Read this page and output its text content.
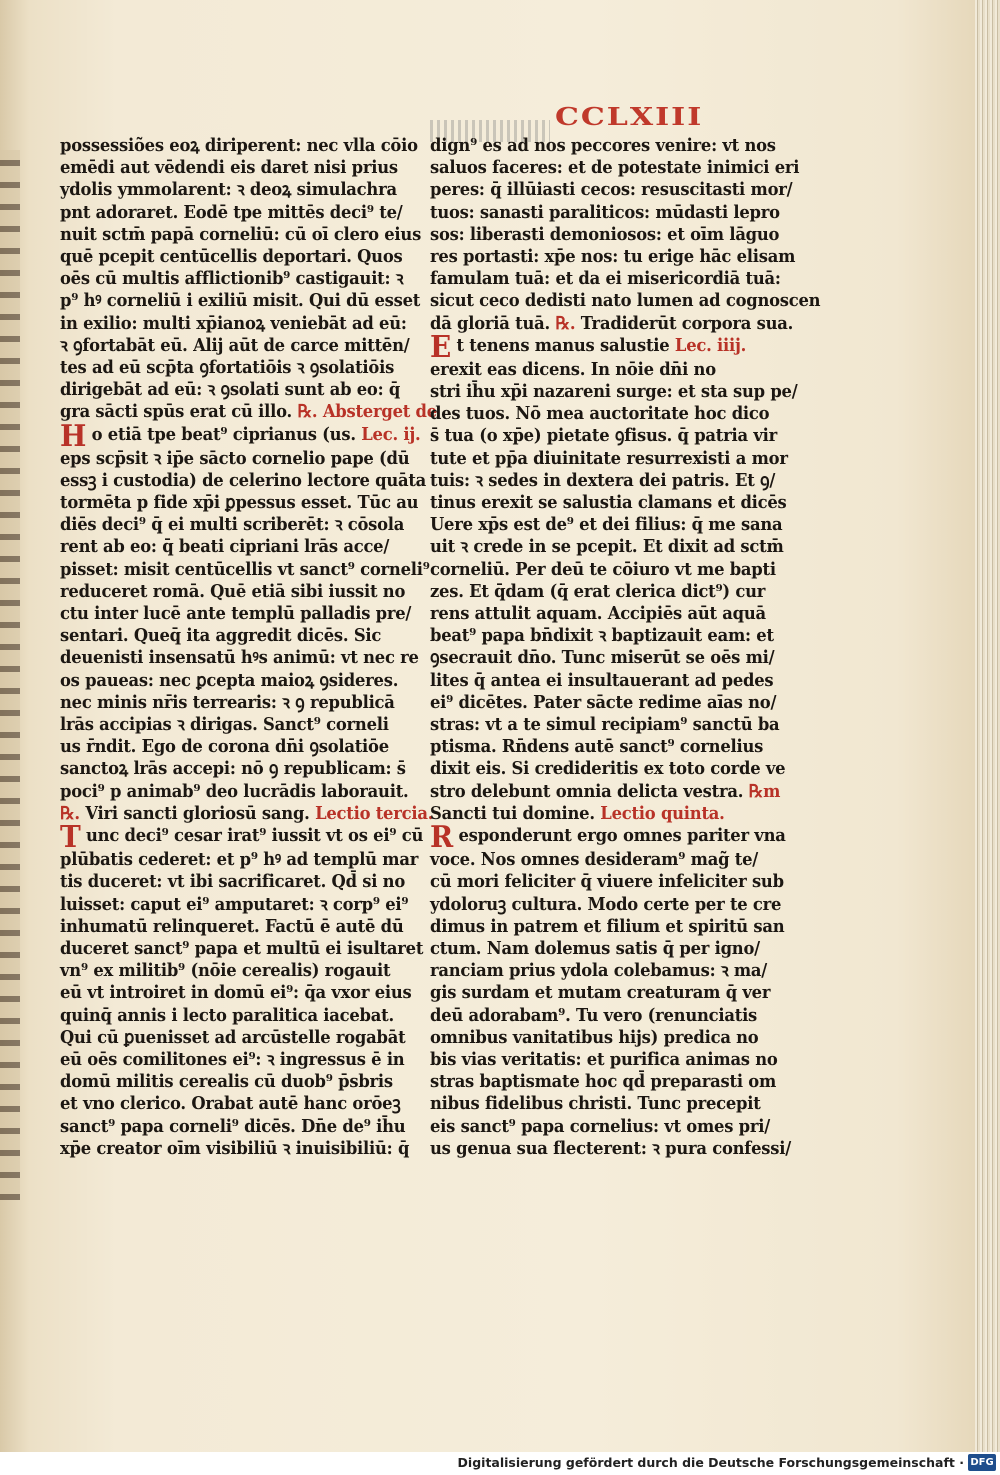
CCLXIII
possessiões eoꝝ diriperent: nec vlla cōio
emēdi aut vēdendi eis daret nisi prius
ydolis ymmolarent: ꝛ deoꝝ simulachra
pnt adoraret. Eodē tpe mittēs deci⁹ te/
nuit sctm̄ papā corneliū: cū oī clero eius
quē pcepit centūcellis deportari. Quos
oēs cū multis afflictionib⁹ castigauit: ꝛ
p⁹ hꝰ corneliū i exiliū misit. Qui dū esset
in exilio: multi xp̄ianoꝝ veniebāt ad eū:
ꝛ ꝯfortabāt eū. Alij aūt de carce mittēn/
tes ad eū scp̄ta ꝯfortatiōis ꝛ ꝯsolatiōis
dirigebāt ad eū: ꝛ ꝯsolati sunt ab eo: q̄
gra sācti spūs erat cū illo. ℞. Absterget de
H o etiā tpe beat⁹ ciprianus (us. Lec. ij.
eps scp̄sit ꝛ ip̄e sācto cornelio pape (dū
essꝫ i custodia) de celerino lectore quāta
tormēta p fide xp̄i ꝑpessus esset. Tūc au
diēs deci⁹ q̄ ei multi scriberēt: ꝛ cōsola
rent ab eo: q̄ beati cipriani lrās acce/
pisset: misit centūcellis vt sanct⁹ corneli⁹
reduceret romā. Quē etiā sibi iussit no
ctu inter lucē ante templū palladis pre/
sentari. Queq̄ ita aggredit dicēs. Sic
deuenisti insensatū hꝰs animū: vt nec re
os paueas: nec ꝑcepta maioꝝ ꝯsideres.
nec minis nr̄is terrearis: ꝛ ꝯ republicā
lrās accipias ꝛ dirigas. Sanct⁹ corneli
us r̄ndit. Ego de corona dn̄i ꝯsolatiōe
sanctoꝝ lrās accepi: nō ꝯ republicam: s̄
poci⁹ p animab⁹ deo lucrādis laborauit.
℞. Viri sancti gloriosū sang. Lectio tercia.
T unc deci⁹ cesar irat⁹ iussit vt os ei⁹ cū
plūbatis cederet: et p⁹ hꝰ ad templū mar
tis duceret: vt ibi sacrificaret. Qd̄ si no
luisset: caput ei⁹ amputaret: ꝛ corp⁹ ei⁹
inhumatū relinqueret. Factū ē autē dū
duceret sanct⁹ papa et multū ei isultaret
vn⁹ ex militib⁹ (nōie cerealis) rogauit
eū vt introiret in domū ei⁹: q̄a vxor eius
quinq̄ annis i lecto paralitica iacebat.
Qui cū ꝑuenisset ad arcūstelle rogabāt
eū oēs comilitones ei⁹: ꝛ ingressus ē in
domū militis cerealis cū duob⁹ p̄sbris
et vno clerico. Orabat autē hanc orōeꝫ
sanct⁹ papa corneli⁹ dicēs. Dn̄e de⁹ ih̄u
xp̄e creator oīm visibiliū ꝛ inuisibiliū: q̄
dign⁹ es ad nos peccores venire: vt nos
saluos faceres: et de potestate inimici eri
peres: q̄ illūiasti cecos: resuscitasti mor/
tuos: sanasti paraliticos: mūdasti lepro
sos: liberasti demoniosos: et oīm lāguo
res portasti: xp̄e nos: tu erige hāc elisam
famulam tuā: et da ei misericordiā tuā:
sicut ceco dedisti nato lumen ad cognoscen
dā gloriā tuā. ℞. Tradiderūt corpora sua.
E t tenens manus salustie Lec. iiij.
erexit eas dicens. In nōie dn̄i no
stri ih̄u xp̄i nazareni surge: et sta sup pe/
des tuos. Nō mea auctoritate hoc dico
s̄ tua (o xp̄e) pietate ꝯfisus. q̄ patria vir
tute et pp̄a diuinitate resurrexisti a mor
tuis: ꝛ sedes in dextera dei patris. Et ꝯ/
tinus erexit se salustia clamans et dicēs
Uere xp̄s est de⁹ et dei filius: q̄ me sana
uit ꝛ crede in se pcepit. Et dixit ad sctm̄
corneliū. Per deū te cōiuro vt me bapti
zes. Et q̄dam (q̄ erat clerica dict⁹) cur
rens attulit aquam. Accipiēs aūt aquā
beat⁹ papa bn̄dixit ꝛ baptizauit eam: et
ꝯsecrauit dn̄o. Tunc miserūt se oēs mi/
lites q̄ antea ei insultauerant ad pedes
ei⁹ dicētes. Pater sācte redime aīas no/
stras: vt a te simul recipiam⁹ sanctū ba
ptisma. Rn̄dens autē sanct⁹ cornelius
dixit eis. Si credideritis ex toto corde ve
stro delebunt omnia delicta vestra. ℞m
Sancti tui domine. Lectio quinta.
R esponderunt ergo omnes pariter vna
voce. Nos omnes desideram⁹ mag̃ te/
cū mori feliciter q̄ viuere infeliciter sub
ydoloruꝫ cultura. Modo certe per te cre
dimus in patrem et filium et spiritū san
ctum. Nam dolemus satis q̄ per igno/
ranciam prius ydola colebamus: ꝛ ma/
gis surdam et mutam creaturam q̄ ver
deū adorabam⁹. Tu vero (renunciatis
omnibus vanitatibus hijs) predica no
bis vias veritatis: et purifica animas no
stras baptismate hoc qd̄ preparasti om
nibus fidelibus christi. Tunc precepit
eis sanct⁹ papa cornelius: vt omes pri/
us genua sua flecterent: ꝛ pura confessi/
Digitalisierung gefördert durch die Deutsche Forschungsgemeinschaft · DFG
